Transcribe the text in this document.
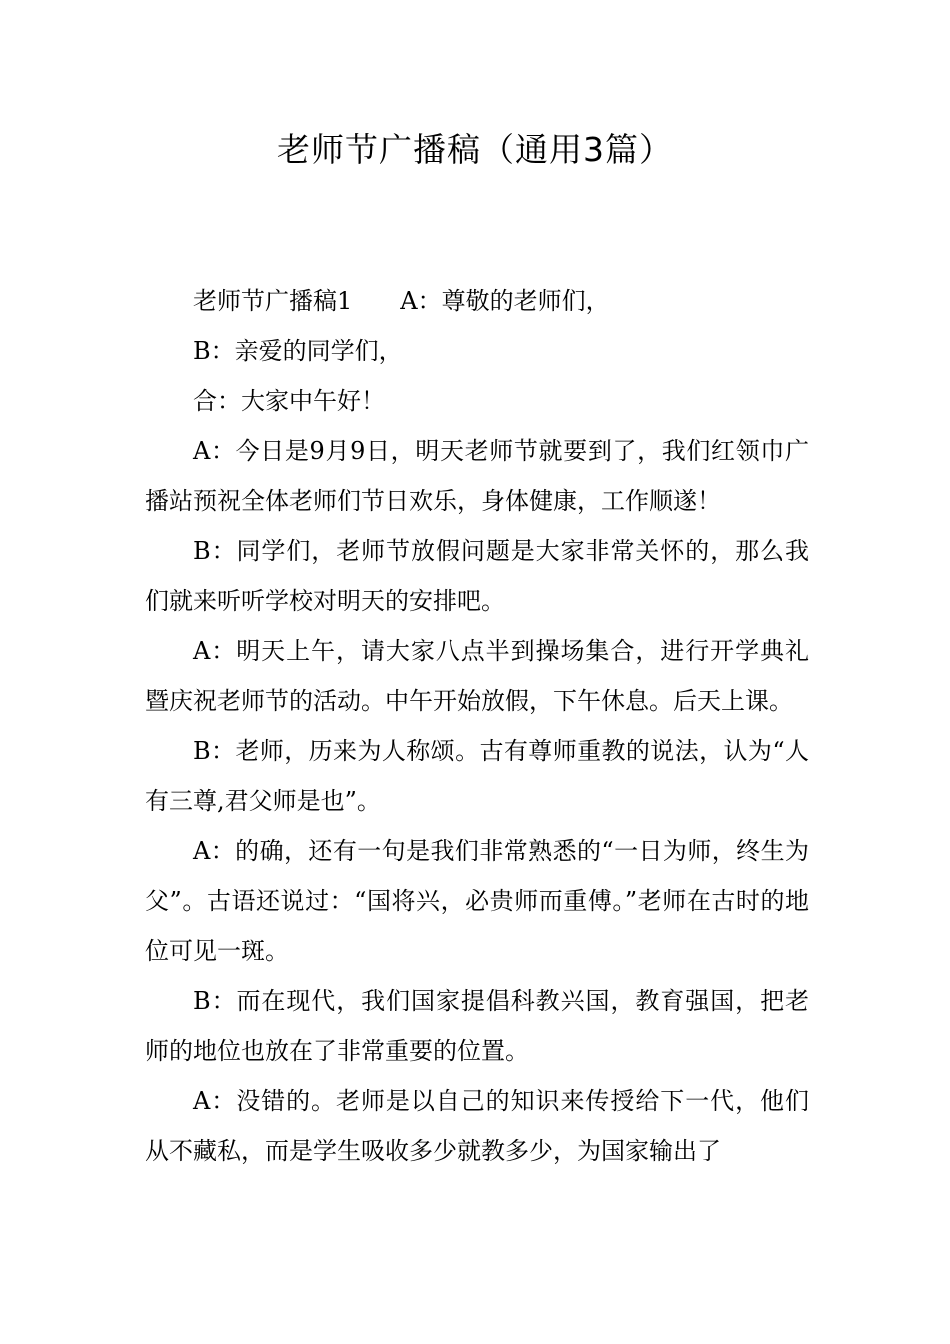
老师节广播稿（通用3篇）

老师节广播稿1 A：尊敬的老师们，

B：亲爱的同学们，

合：大家中午好！

A：今日是9月9日，明天老师节就要到了，我们红领巾广播站预祝全体老师们节日欢乐，身体健康，工作顺遂！

B：同学们，老师节放假问题是大家非常关怀的，那么我们就来听听学校对明天的安排吧。

A：明天上午，请大家八点半到操场集合，进行开学典礼暨庆祝老师节的活动。中午开始放假，下午休息。后天上课。

B：老师，历来为人称颂。古有尊师重教的说法，认为“人有三尊,君父师是也”。

A：的确，还有一句是我们非常熟悉的“一日为师，终生为父”。古语还说过：“国将兴，必贵师而重傅。”老师在古时的地位可见一斑。

B：而在现代，我们国家提倡科教兴国，教育强国，把老师的地位也放在了非常重要的位置。

A：没错的。老师是以自己的知识来传授给下一代，他们从不藏私，而是学生吸收多少就教多少，为国家输出了
